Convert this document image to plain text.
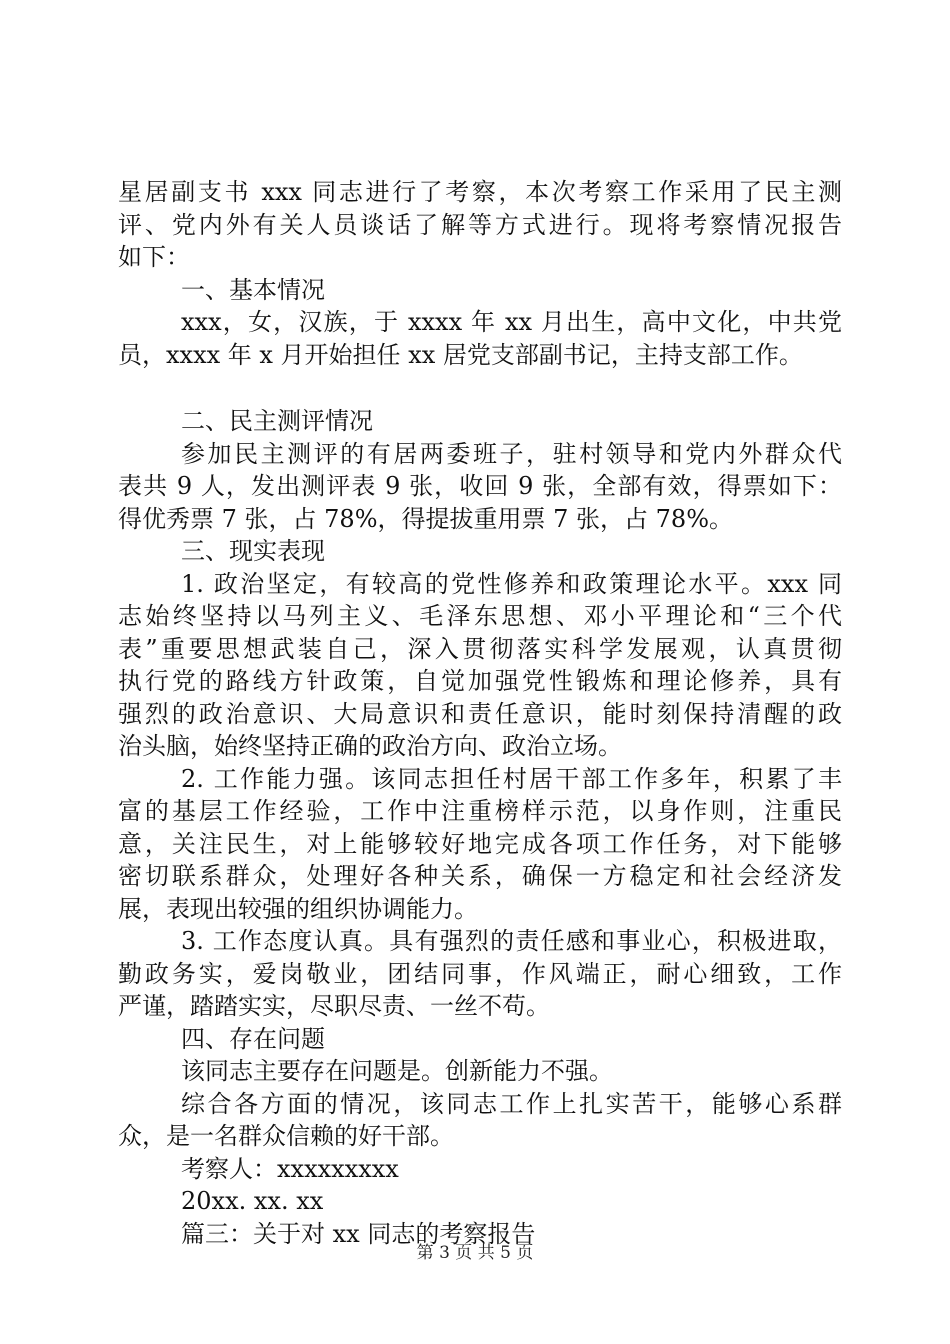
星居副支书 xxx 同志进行了考察，本次考察工作采用了民主测
评、党内外有关人员谈话了解等方式进行。现将考察情况报告
如下：
一、基本情况
xxx，女，汉族，于 xxxx 年 xx 月出生，高中文化，中共党
员，xxxx 年 x 月开始担任 xx 居党支部副书记，主持支部工作。
二、民主测评情况
参加民主测评的有居两委班子，驻村领导和党内外群众代
表共 9 人，发出测评表 9 张，收回 9 张，全部有效，得票如下：
得优秀票 7 张，占 78%，得提拔重用票 7 张，占 78%。
三、现实表现
1. 政治坚定，有较高的党性修养和政策理论水平。xxx 同
志始终坚持以马列主义、毛泽东思想、邓小平理论和“三个代
表”重要思想武装自己，深入贯彻落实科学发展观，认真贯彻
执行党的路线方针政策，自觉加强党性锻炼和理论修养，具有
强烈的政治意识、大局意识和责任意识，能时刻保持清醒的政
治头脑，始终坚持正确的政治方向、政治立场。
2. 工作能力强。该同志担任村居干部工作多年，积累了丰
富的基层工作经验，工作中注重榜样示范，以身作则，注重民
意，关注民生，对上能够较好地完成各项工作任务，对下能够
密切联系群众，处理好各种关系，确保一方稳定和社会经济发
展，表现出较强的组织协调能力。
3. 工作态度认真。具有强烈的责任感和事业心，积极进取，
勤政务实，爱岗敬业，团结同事，作风端正，耐心细致，工作
严谨，踏踏实实，尽职尽责、一丝不苟。
四、存在问题
该同志主要存在问题是。创新能力不强。
综合各方面的情况，该同志工作上扎实苦干，能够心系群
众，是一名群众信赖的好干部。
考察人：xxxxxxxxx
20xx. xx. xx
篇三：关于对 xx 同志的考察报告
第 3 页 共 5 页
